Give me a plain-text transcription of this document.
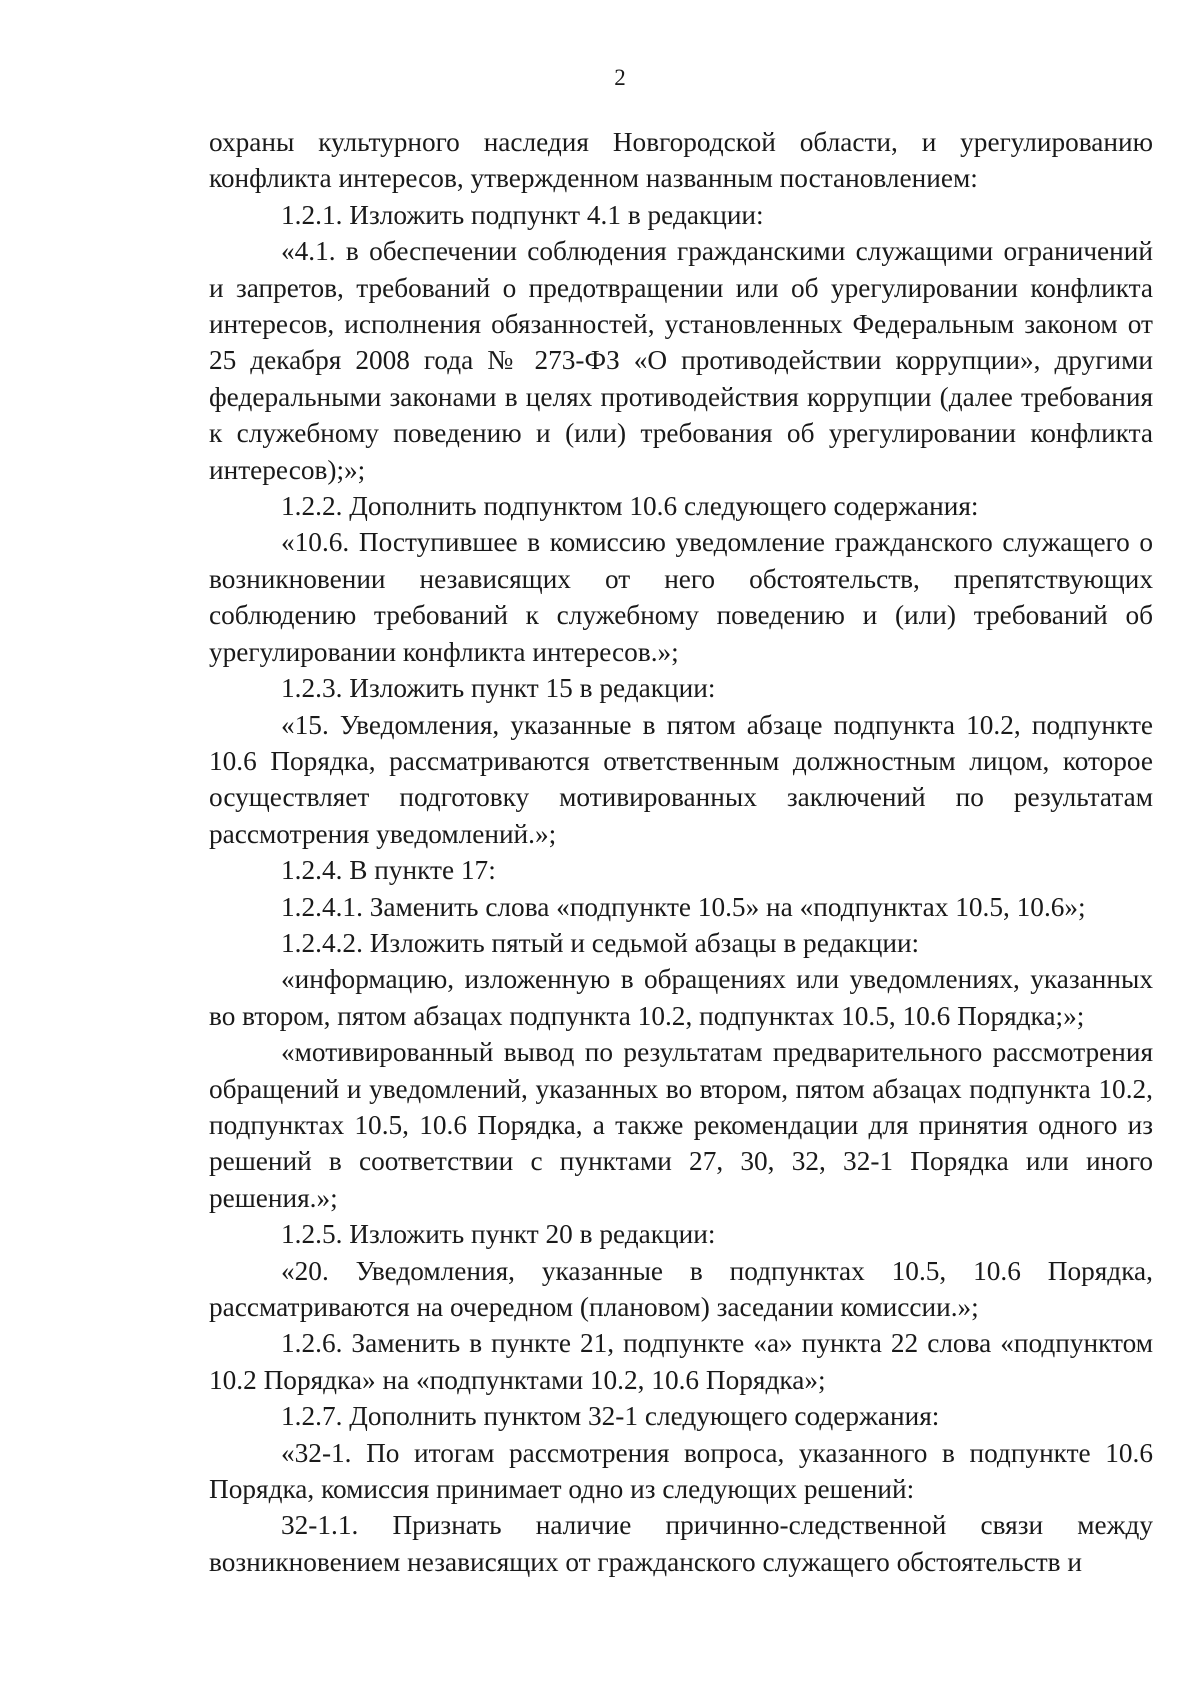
2

охраны культурного наследия Новгородской области, и урегулированию конфликта интересов, утвержденном названным постановлением:

1.2.1. Изложить подпункт 4.1 в редакции:

«4.1. в обеспечении соблюдения гражданскими служащими ограничений и запретов, требований о предотвращении или об урегулировании конфликта интересов, исполнения обязанностей, установленных Федеральным законом от 25 декабря 2008 года № 273-ФЗ «О противодействии коррупции», другими федеральными законами в целях противодействия коррупции (далее требования к служебному поведению и (или) требования об урегулировании конфликта интересов);»;

1.2.2. Дополнить подпунктом 10.6 следующего содержания:

«10.6. Поступившее в комиссию уведомление гражданского служащего о возникновении независящих от него обстоятельств, препятствующих соблюдению требований к служебному поведению и (или) требований об урегулировании конфликта интересов.»;

1.2.3. Изложить пункт 15 в редакции:

«15. Уведомления, указанные в пятом абзаце подпункта 10.2, подпункте 10.6 Порядка, рассматриваются ответственным должностным лицом, которое осуществляет подготовку мотивированных заключений по результатам рассмотрения уведомлений.»;

1.2.4. В пункте 17:

1.2.4.1. Заменить слова «подпункте 10.5» на «подпунктах 10.5, 10.6»;

1.2.4.2. Изложить пятый и седьмой абзацы в редакции:

«информацию, изложенную в обращениях или уведомлениях, указанных во втором, пятом абзацах подпункта 10.2, подпунктах 10.5, 10.6 Порядка;»;

«мотивированный вывод по результатам предварительного рассмотрения обращений и уведомлений, указанных во втором, пятом абзацах подпункта 10.2, подпунктах 10.5, 10.6 Порядка, а также рекомендации для принятия одного из решений в соответствии с пунктами 27, 30, 32, 32-1 Порядка или иного решения.»;

1.2.5. Изложить пункт 20 в редакции:

«20. Уведомления, указанные в подпунктах 10.5, 10.6 Порядка, рассматриваются на очередном (плановом) заседании комиссии.»;

1.2.6. Заменить в пункте 21, подпункте «а» пункта 22 слова «подпунктом 10.2 Порядка» на «подпунктами 10.2, 10.6 Порядка»;

1.2.7. Дополнить пунктом 32-1 следующего содержания:

«32-1. По итогам рассмотрения вопроса, указанного в подпункте 10.6 Порядка, комиссия принимает одно из следующих решений:

32-1.1. Признать наличие причинно-следственной связи между возникновением независящих от гражданского служащего обстоятельств и
